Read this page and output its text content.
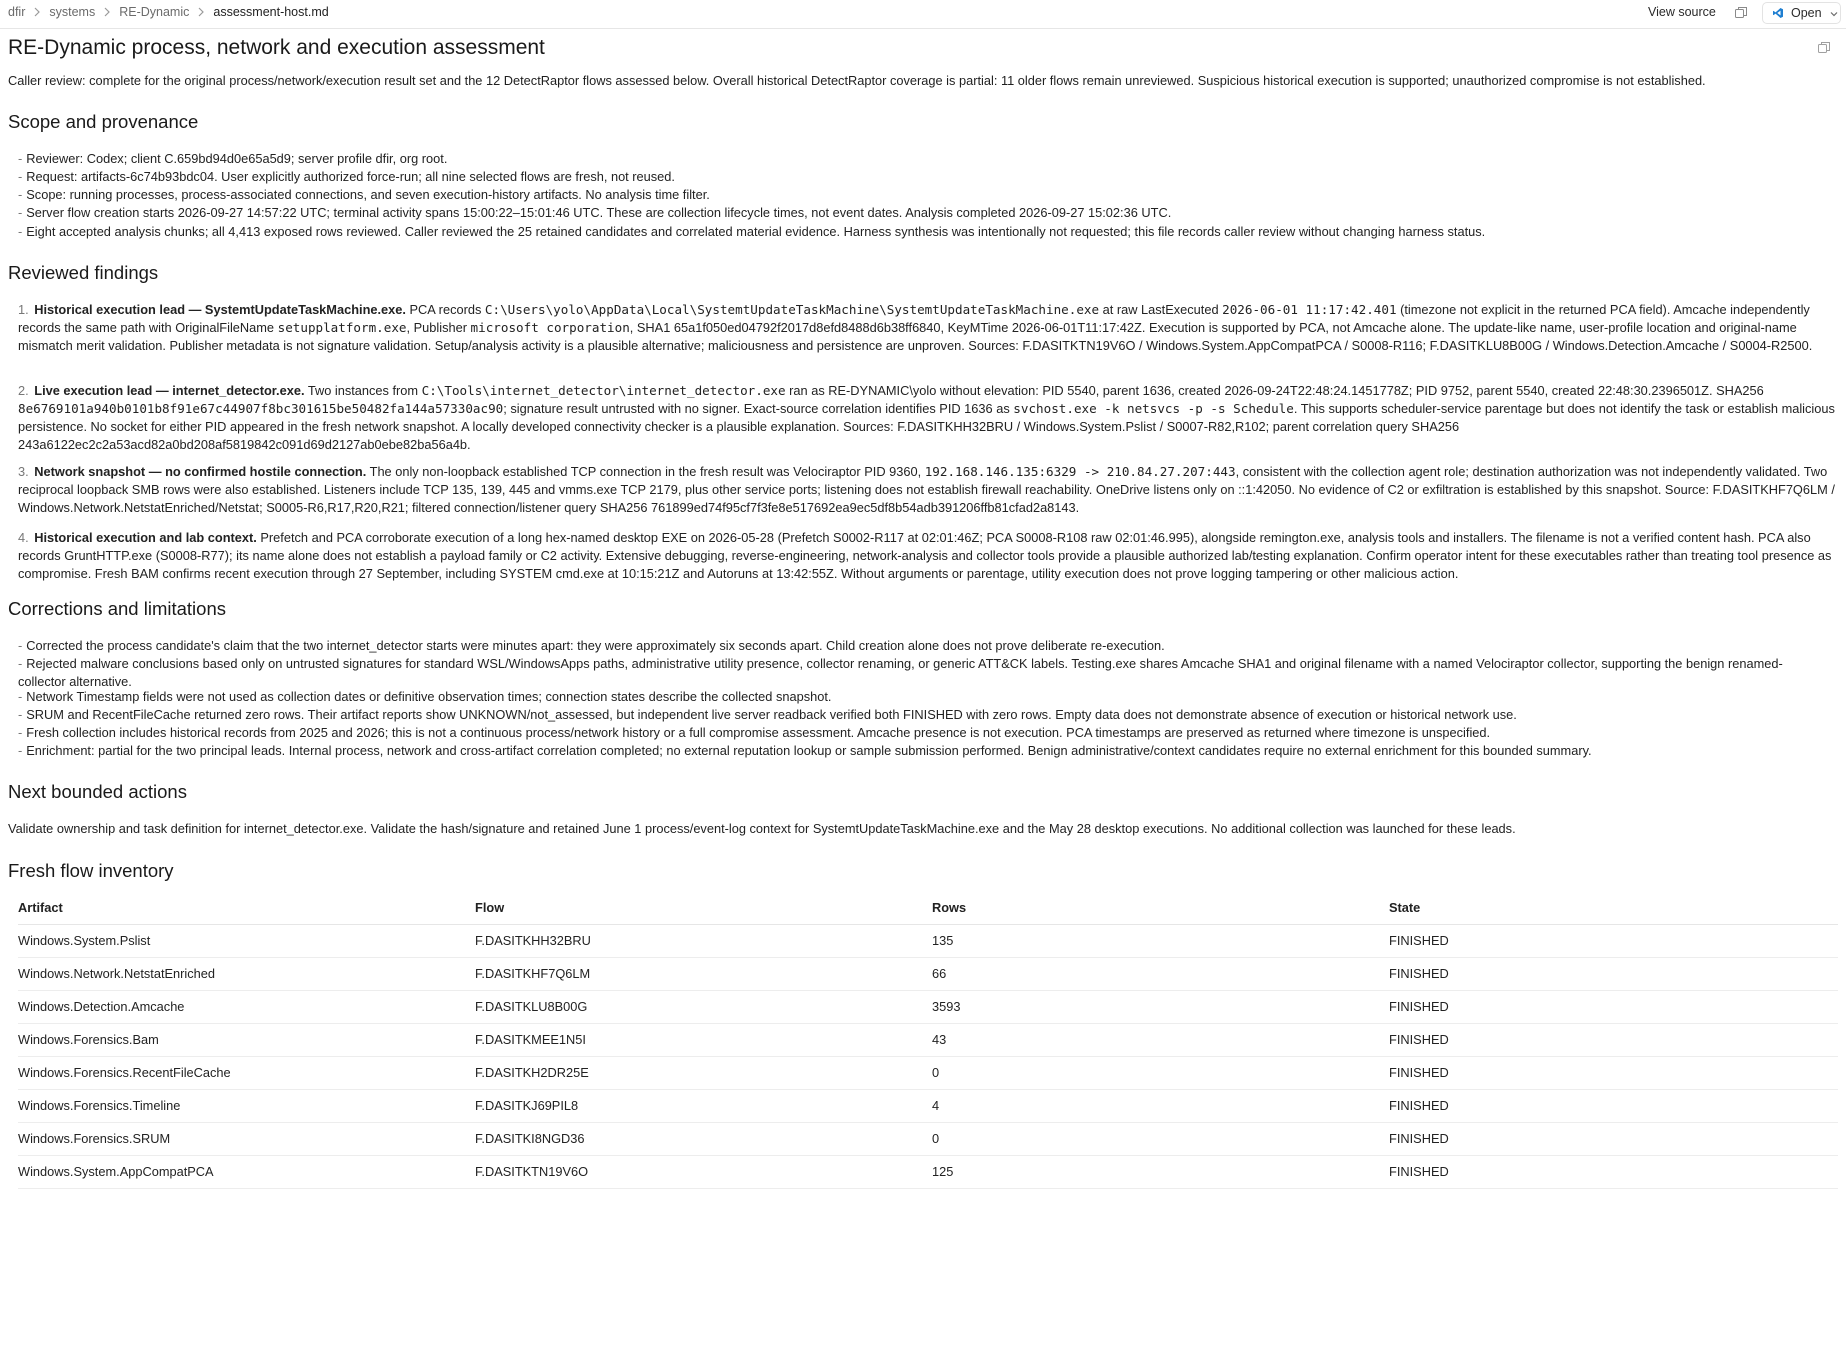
dfir systems RE-Dynamic assessment-host.md	View source	Open
RE-Dynamic process, network and execution assessment

Caller review: complete for the original process/network/execution result set and the 12 DetectRaptor flows assessed below. Overall historical DetectRaptor coverage is partial: 11 older flows remain unreviewed. Suspicious historical execution is supported; unauthorized compromise is not established.

Scope and provenance
- Reviewer: Codex; client C.659bd94d0e65a5d9; server profile dfir, org root.
- Request: artifacts-6c74b93bdc04. User explicitly authorized force-run; all nine selected flows are fresh, not reused.
- Scope: running processes, process-associated connections, and seven execution-history artifacts. No analysis time filter.
- Server flow creation starts 2026-09-27 14:57:22 UTC; terminal activity spans 15:00:22–15:01:46 UTC. These are collection lifecycle times, not event dates. Analysis completed 2026-09-27 15:02:36 UTC.
- Eight accepted analysis chunks; all 4,413 exposed rows reviewed. Caller reviewed the 25 retained candidates and correlated material evidence. Harness synthesis was intentionally not requested; this file records caller review without changing harness status.
Reviewed findings
1. Historical execution lead — SystemtUpdateTaskMachine.exe. PCA records C:\Users\yolo\AppData\Local\SystemtUpdateTaskMachine\SystemtUpdateTaskMachine.exe at raw LastExecuted 2026-06-01 11:17:42.401 (timezone not explicit in the returned PCA field). Amcache independently records the same path with OriginalFileName setupplatform.exe, Publisher microsoft corporation, SHA1 65a1f050ed04792f2017d8efd8488d6b38ff6840, KeyMTime 2026-06-01T11:17:42Z. Execution is supported by PCA, not Amcache alone. The update-like name, user-profile location and original-name mismatch merit validation. Publisher metadata is not signature validation. Setup/analysis activity is a plausible alternative; maliciousness and persistence are unproven. Sources: F.DASITKTN19V6O / Windows.System.AppCompatPCA / S0008-R116; F.DASITKLU8B00G / Windows.Detection.Amcache / S0004-R2500.
2. Live execution lead — internet_detector.exe. Two instances from C:\Tools\internet_detector\internet_detector.exe ran as RE-DYNAMIC\yolo without elevation: PID 5540, parent 1636, created 2026-09-24T22:48:24.1451778Z; PID 9752, parent 5540, created 22:48:30.2396501Z. SHA256 8e6769101a940b0101b8f91e67c44907f8bc301615be50482fa144a57330ac90; signature result untrusted with no signer. Exact-source correlation identifies PID 1636 as svchost.exe -k netsvcs -p -s Schedule. This supports scheduler-service parentage but does not identify the task or establish malicious persistence. No socket for either PID appeared in the fresh network snapshot. A locally developed connectivity checker is a plausible explanation. Sources: F.DASITKHH32BRU / Windows.System.Pslist / S0007-R82,R102; parent correlation query SHA256 243a6122ec2c2a53acd82a0bd208af5819842c091d69d2127ab0ebe82ba56a4b.
3. Network snapshot — no confirmed hostile connection. The only non-loopback established TCP connection in the fresh result was Velociraptor PID 9360, 192.168.146.135:6329 -> 210.84.27.207:443, consistent with the collection agent role; destination authorization was not independently validated. Two reciprocal loopback SMB rows were also established. Listeners include TCP 135, 139, 445 and vmms.exe TCP 2179, plus other service ports; listening does not establish firewall reachability. OneDrive listens only on ::1:42050. No evidence of C2 or exfiltration is established by this snapshot. Source: F.DASITKHF7Q6LM / Windows.Network.NetstatEnriched/Netstat; S0005-R6,R17,R20,R21; filtered connection/listener query SHA256 761899ed74f95cf7f3fe8e517692ea9ec5df8b54adb391206ffb81cfad2a8143.
4. Historical execution and lab context. Prefetch and PCA corroborate execution of a long hex-named desktop EXE on 2026-05-28 (Prefetch S0002-R117 at 02:01:46Z; PCA S0008-R108 raw 02:01:46.995), alongside remington.exe, analysis tools and installers. The filename is not a verified content hash. PCA also records GruntHTTP.exe (S0008-R77); its name alone does not establish a payload family or C2 activity. Extensive debugging, reverse-engineering, network-analysis and collector tools provide a plausible authorized lab/testing explanation. Confirm operator intent for these executables rather than treating tool presence as compromise. Fresh BAM confirms recent execution through 27 September, including SYSTEM cmd.exe at 10:15:21Z and Autoruns at 13:42:55Z. Without arguments or parentage, utility execution does not prove logging tampering or other malicious action.
Corrections and limitations
- Corrected the process candidate's claim that the two internet_detector starts were minutes apart: they were approximately six seconds apart. Child creation alone does not prove deliberate re-execution.
- Rejected malware conclusions based only on untrusted signatures for standard WSL/WindowsApps paths, administrative utility presence, collector renaming, or generic ATT&CK labels. Testing.exe shares Amcache SHA1 and original filename with a named Velociraptor collector, supporting the benign renamed-collector alternative.
- Network Timestamp fields were not used as collection dates or definitive observation times; connection states describe the collected snapshot.
- SRUM and RecentFileCache returned zero rows. Their artifact reports show UNKNOWN/not_assessed, but independent live server readback verified both FINISHED with zero rows. Empty data does not demonstrate absence of execution or historical network use.
- Fresh collection includes historical records from 2025 and 2026; this is not a continuous process/network history or a full compromise assessment. Amcache presence is not execution. PCA timestamps are preserved as returned where timezone is unspecified.
- Enrichment: partial for the two principal leads. Internal process, network and cross-artifact correlation completed; no external reputation lookup or sample submission performed. Benign administrative/context candidates require no external enrichment for this bounded summary.
Next bounded actions

Validate ownership and task definition for internet_detector.exe. Validate the hash/signature and retained June 1 process/event-log context for SystemtUpdateTaskMachine.exe and the May 28 desktop executions. No additional collection was launched for these leads.

Fresh flow inventory
Artifact	Flow	Rows	State
Windows.System.Pslist	F.DASITKHH32BRU	135	FINISHED
Windows.Network.NetstatEnriched	F.DASITKHF7Q6LM	66	FINISHED
Windows.Detection.Amcache	F.DASITKLU8B00G	3593	FINISHED
Windows.Forensics.Bam	F.DASITKMEE1N5I	43	FINISHED
Windows.Forensics.RecentFileCache	F.DASITKH2DR25E	0	FINISHED
Windows.Forensics.Timeline	F.DASITKJ69PIL8	4	FINISHED
Windows.Forensics.SRUM	F.DASITKI8NGD36	0	FINISHED
Windows.System.AppCompatPCA	F.DASITKTN19V6O	125	FINISHED
